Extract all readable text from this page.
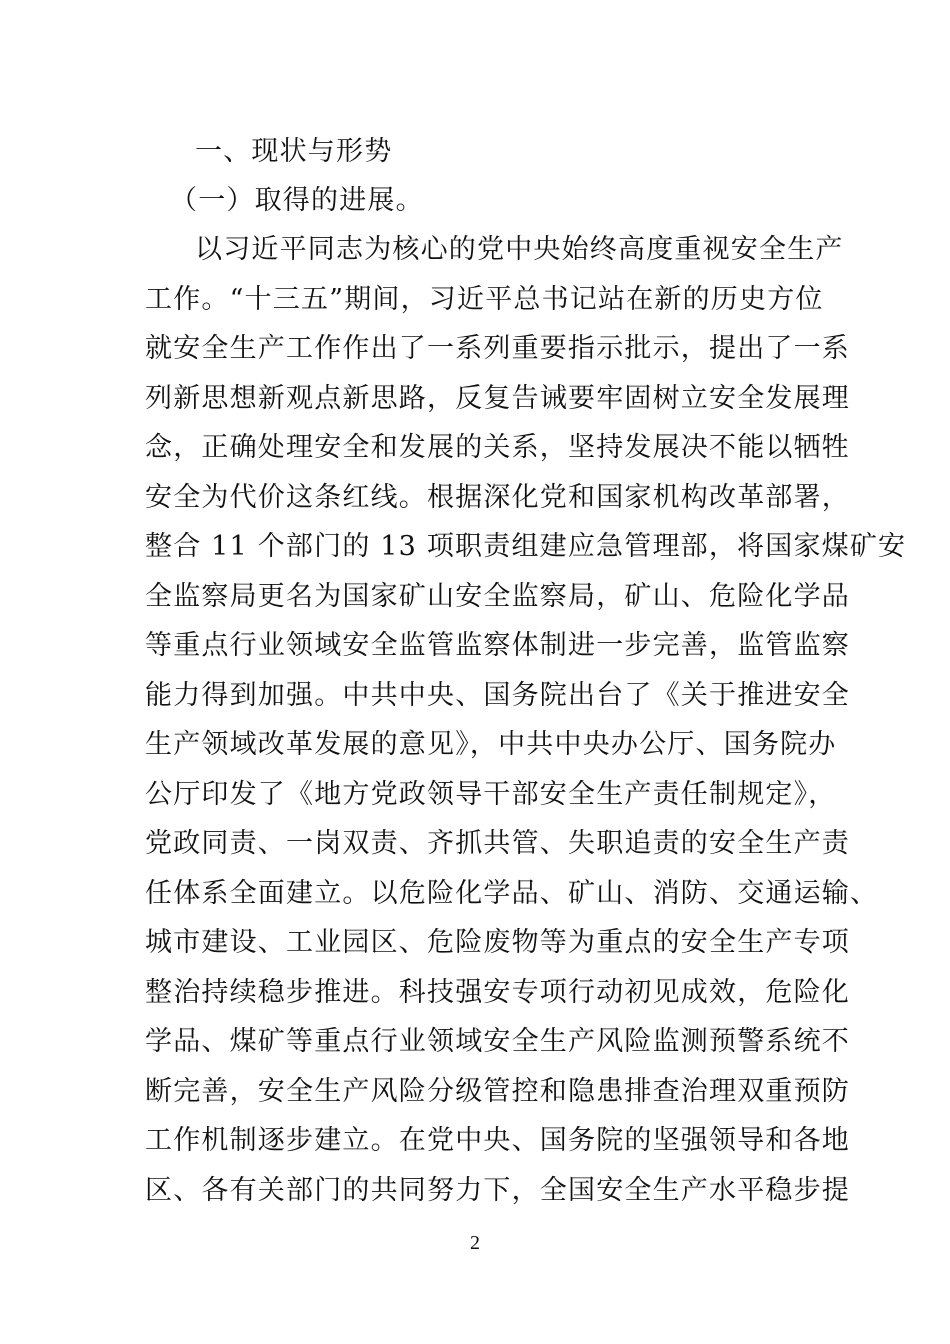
一、现状与形势
（一）取得的进展。
以习近平同志为核心的党中央始终高度重视安全生产
工作。“十三五”期间，习近平总书记站在新的历史方位
就安全生产工作作出了一系列重要指示批示，提出了一系
列新思想新观点新思路，反复告诫要牢固树立安全发展理
念，正确处理安全和发展的关系，坚持发展决不能以牺牲
安全为代价这条红线。根据深化党和国家机构改革部署，
整合 11 个部门的 13 项职责组建应急管理部，将国家煤矿安
全监察局更名为国家矿山安全监察局，矿山、危险化学品
等重点行业领域安全监管监察体制进一步完善，监管监察
能力得到加强。中共中央、国务院出台了《关于推进安全
生产领域改革发展的意见》，中共中央办公厅、国务院办
公厅印发了《地方党政领导干部安全生产责任制规定》，
党政同责、一岗双责、齐抓共管、失职追责的安全生产责
任体系全面建立。以危险化学品、矿山、消防、交通运输、
城市建设、工业园区、危险废物等为重点的安全生产专项
整治持续稳步推进。科技强安专项行动初见成效，危险化
学品、煤矿等重点行业领域安全生产风险监测预警系统不
断完善，安全生产风险分级管控和隐患排查治理双重预防
工作机制逐步建立。在党中央、国务院的坚强领导和各地
区、各有关部门的共同努力下，全国安全生产水平稳步提
2
